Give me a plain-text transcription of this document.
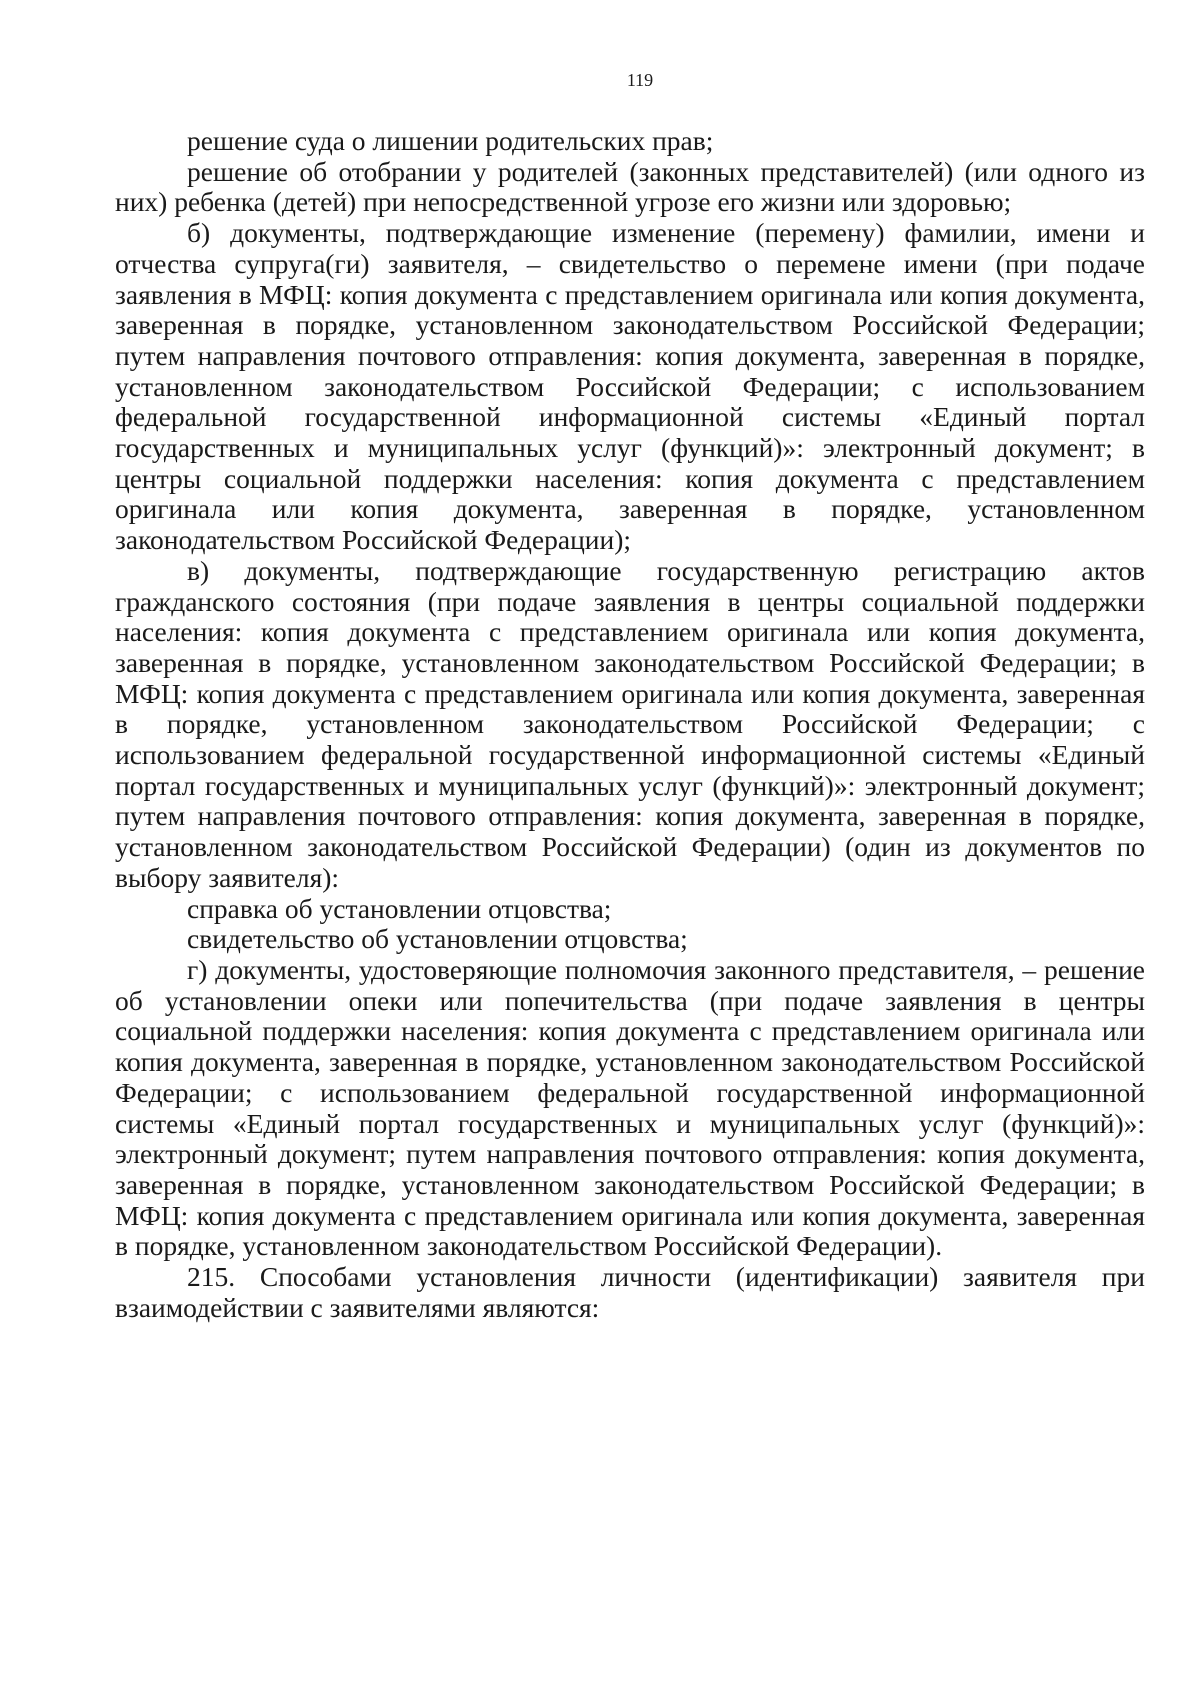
119

решение суда о лишении родительских прав;

решение об отобрании у родителей (законных представителей) (или одного из них) ребенка (детей) при непосредственной угрозе его жизни или здоровью;

б) документы, подтверждающие изменение (перемену) фамилии, имени и отчества супруга(ги) заявителя, – свидетельство о перемене имени (при подаче заявления в МФЦ: копия документа с представлением оригинала или копия документа, заверенная в порядке, установленном законодательством Российской Федерации; путем направления почтового отправления: копия документа, заверенная в порядке, установленном законодательством Российской Федерации; с использованием федеральной государственной информационной системы «Единый портал государственных и муниципальных услуг (функций)»: электронный документ; в центры социальной поддержки населения: копия документа с представлением оригинала или копия документа, заверенная в порядке, установленном законодательством Российской Федерации);

в) документы, подтверждающие государственную регистрацию актов гражданского состояния (при подаче заявления в центры социальной поддержки населения: копия документа с представлением оригинала или копия документа, заверенная в порядке, установленном законодательством Российской Федерации; в МФЦ: копия документа с представлением оригинала или копия документа, заверенная в порядке, установленном законодательством Российской Федерации; с использованием федеральной государственной информационной системы «Единый портал государственных и муниципальных услуг (функций)»: электронный документ; путем направления почтового отправления: копия документа, заверенная в порядке, установленном законодательством Российской Федерации) (один из документов по выбору заявителя):

справка об установлении отцовства;

свидетельство об установлении отцовства;

г) документы, удостоверяющие полномочия законного представителя, – решение об установлении опеки или попечительства (при подаче заявления в центры социальной поддержки населения: копия документа с представлением оригинала или копия документа, заверенная в порядке, установленном законодательством Российской Федерации; с использованием федеральной государственной информационной системы «Единый портал государственных и муниципальных услуг (функций)»: электронный документ; путем направления почтового отправления: копия документа, заверенная в порядке, установленном законодательством Российской Федерации; в МФЦ: копия документа с представлением оригинала или копия документа, заверенная в порядке, установленном законодательством Российской Федерации).

215. Способами установления личности (идентификации) заявителя при взаимодействии с заявителями являются:
